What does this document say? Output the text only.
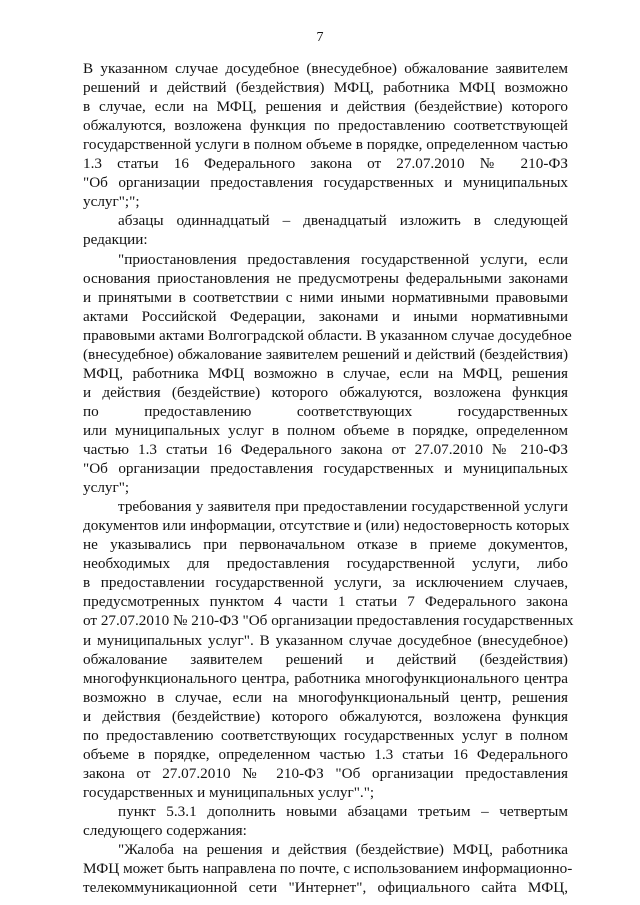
7
В указанном случае досудебное (внесудебное) обжалование заявителем
решений и действий (бездействия) МФЦ, работника МФЦ возможно
в случае, если на МФЦ, решения и действия (бездействие) которого
обжалуются, возложена функция по предоставлению соответствующей
государственной услуги в полном объеме в порядке, определенном частью
1.3 статьи 16 Федерального закона от 27.07.2010 № 210-ФЗ
"Об организации предоставления государственных и муниципальных
услуг";";
абзацы одиннадцатый – двенадцатый изложить в следующей
редакции:
"приостановления предоставления государственной услуги, если
основания приостановления не предусмотрены федеральными законами
и принятыми в соответствии с ними иными нормативными правовыми
актами Российской Федерации, законами и иными нормативными
правовыми актами Волгоградской области. В указанном случае досудебное
(внесудебное) обжалование заявителем решений и действий (бездействия)
МФЦ, работника МФЦ возможно в случае, если на МФЦ, решения
и действия (бездействие) которого обжалуются, возложена функция
по предоставлению соответствующих государственных
или муниципальных услуг в полном объеме в порядке, определенном
частью 1.3 статьи 16 Федерального закона от 27.07.2010 № 210-ФЗ
"Об организации предоставления государственных и муниципальных
услуг";
требования у заявителя при предоставлении государственной услуги
документов или информации, отсутствие и (или) недостоверность которых
не указывались при первоначальном отказе в приеме документов,
необходимых для предоставления государственной услуги, либо
в предоставлении государственной услуги, за исключением случаев,
предусмотренных пунктом 4 части 1 статьи 7 Федерального закона
от 27.07.2010 № 210-ФЗ "Об организации предоставления государственных
и муниципальных услуг". В указанном случае досудебное (внесудебное)
обжалование заявителем решений и действий (бездействия)
многофункционального центра, работника многофункционального центра
возможно в случае, если на многофункциональный центр, решения
и действия (бездействие) которого обжалуются, возложена функция
по предоставлению соответствующих государственных услуг в полном
объеме в порядке, определенном частью 1.3 статьи 16 Федерального
закона от 27.07.2010 № 210-ФЗ "Об организации предоставления
государственных и муниципальных услуг".";
пункт 5.3.1 дополнить новыми абзацами третьим – четвертым
следующего содержания:
"Жалоба на решения и действия (бездействие) МФЦ, работника
МФЦ может быть направлена по почте, с использованием информационно-
телекоммуникационной сети "Интернет", официального сайта МФЦ,
